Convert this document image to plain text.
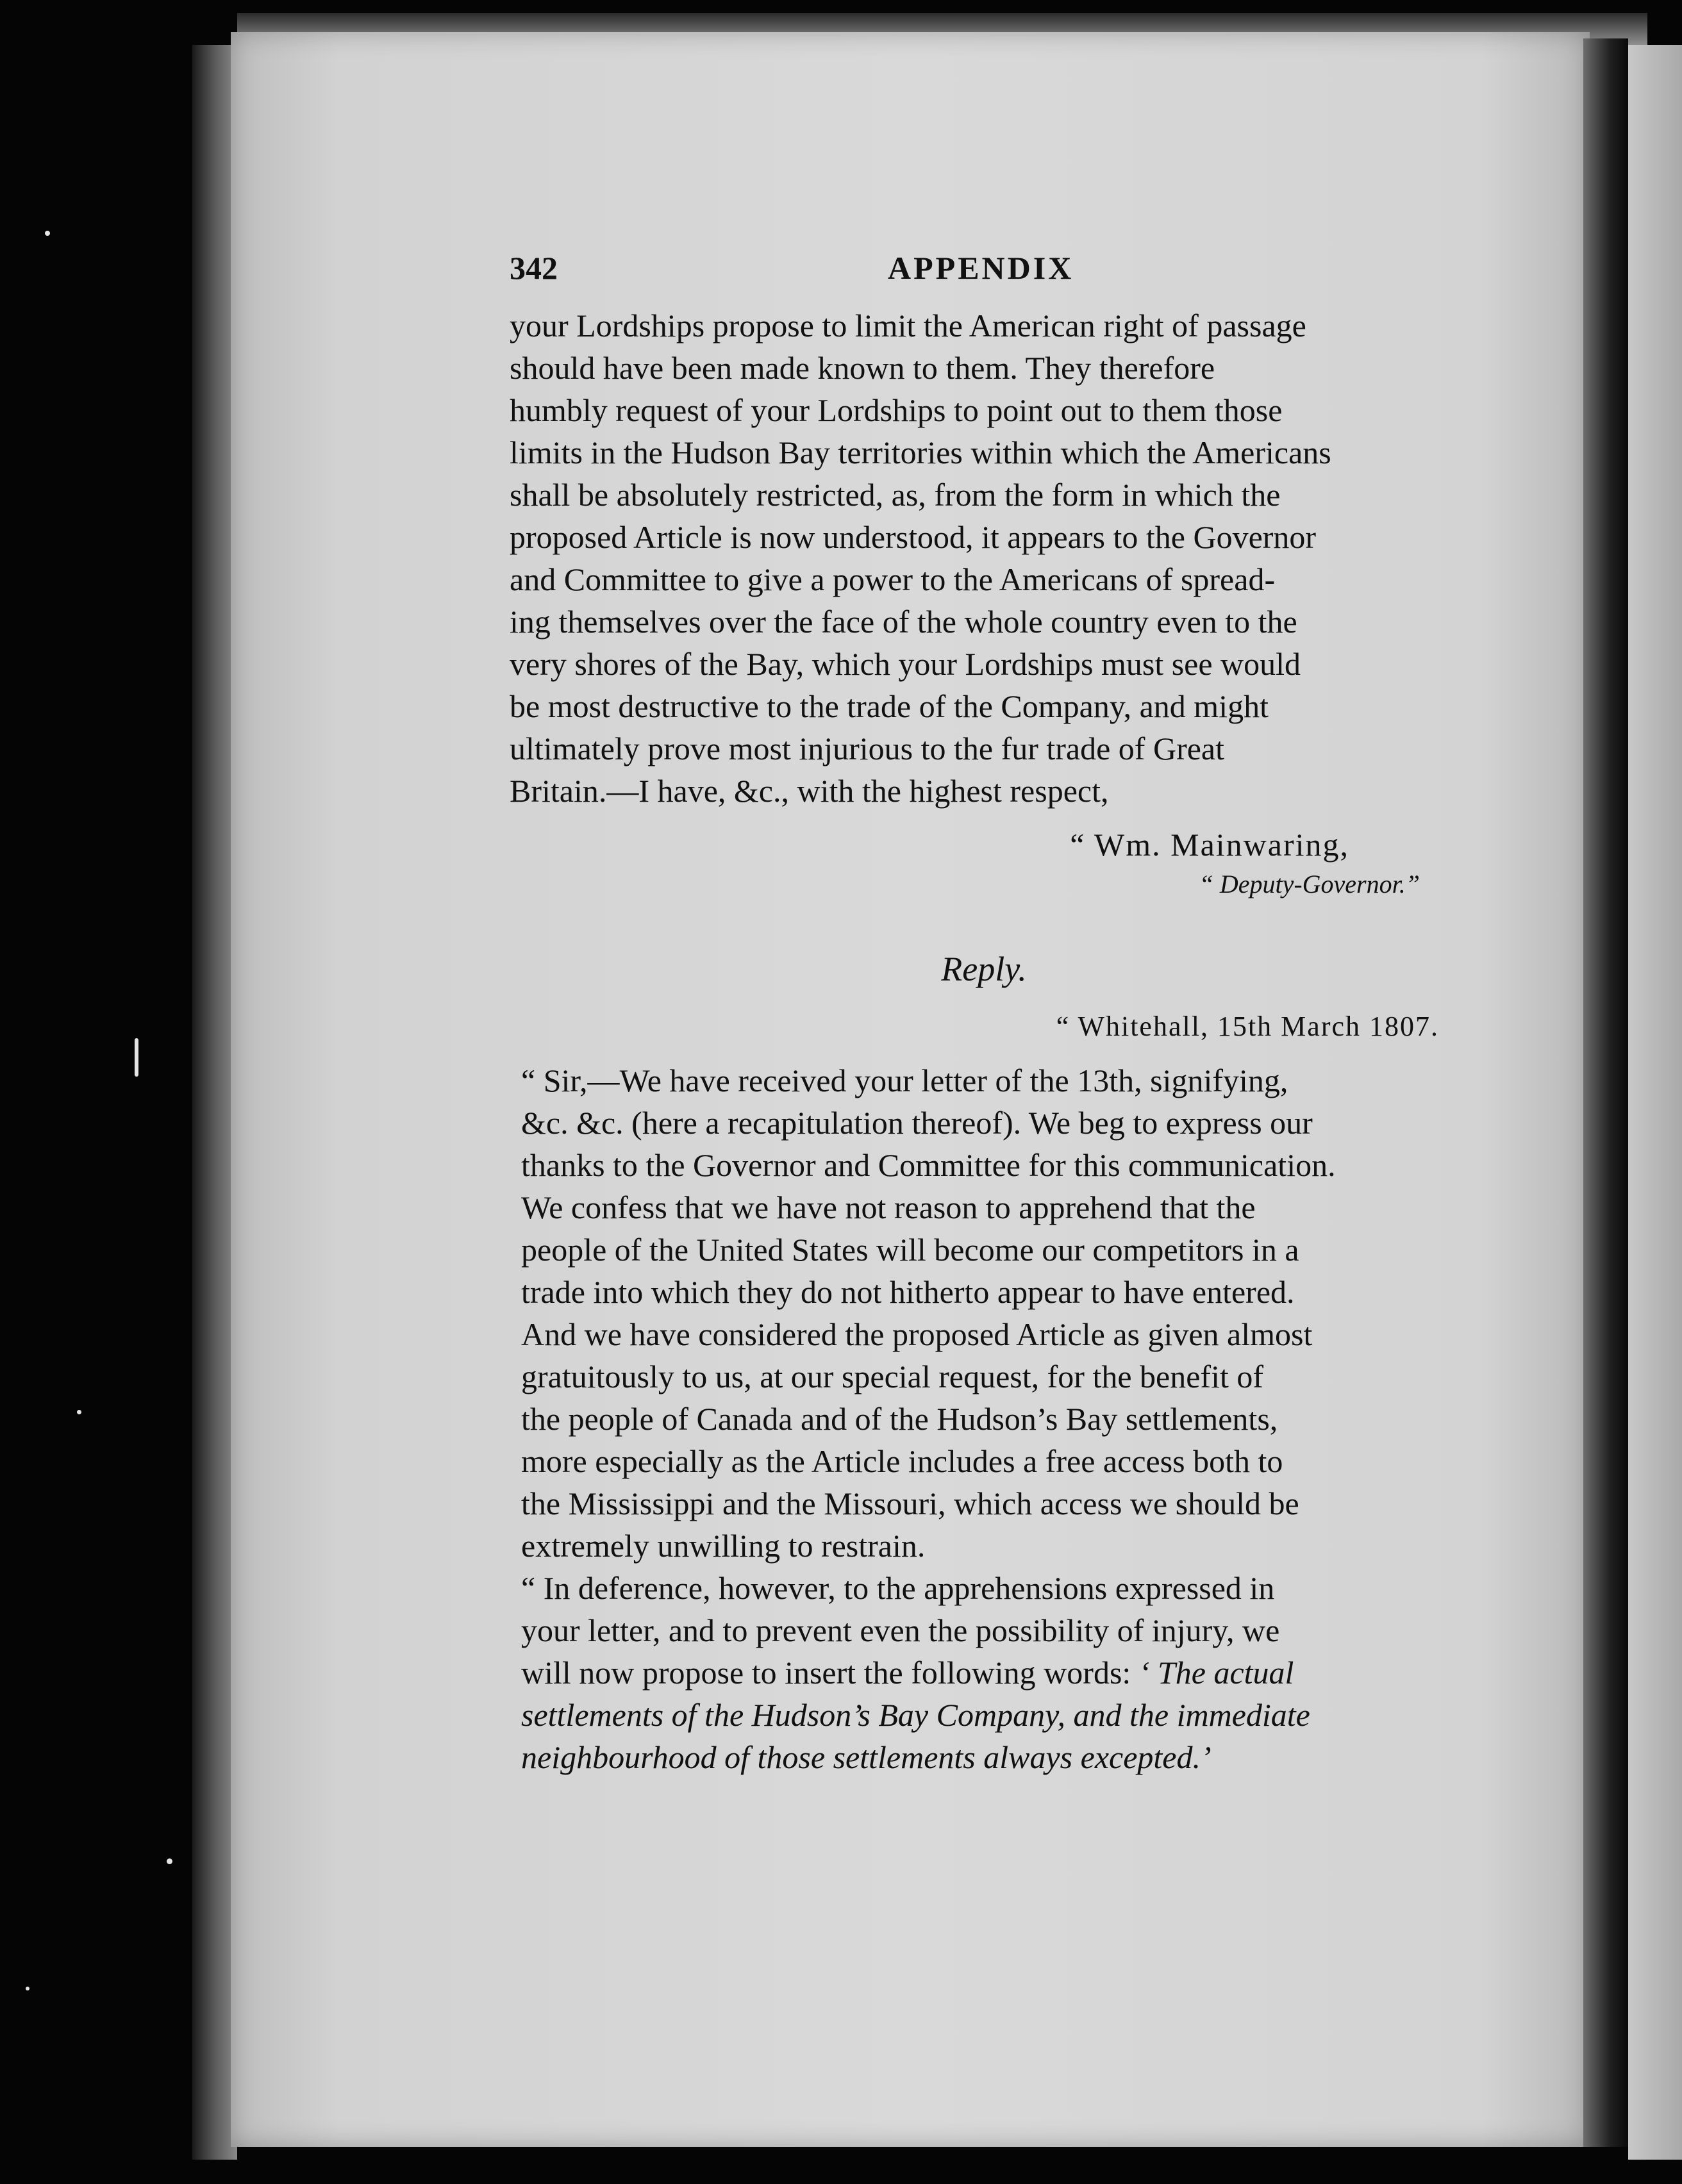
342	APPENDIX

your Lordships propose to limit the American right of passage

should have been made known to them. They therefore

humbly request of your Lordships to point out to them those

limits in the Hudson Bay territories within which the Americans

shall be absolutely restricted, as, from the form in which the

proposed Article is now understood, it appears to the Governor

and Committee to give a power to the Americans of spread-

ing themselves over the face of the whole country even to the

very shores of the Bay, which your Lordships must see would

be most destructive to the trade of the Company, and might

ultimately prove most injurious to the fur trade of Great

Britain.—I have, &c., with the highest respect,

“ Wm. Mainwaring,

“ Deputy-Governor.”

Reply.
“ Whitehall, 15th March 1807.

“ Sir,—We have received your letter of the 13th, signifying,

&c. &c. (here a recapitulation thereof). We beg to express our

thanks to the Governor and Committee for this communication.

We confess that we have not reason to apprehend that the

people of the United States will become our competitors in a

trade into which they do not hitherto appear to have entered.

And we have considered the proposed Article as given almost

gratuitously to us, at our special request, for the benefit of

the people of Canada and of the Hudson’s Bay settlements,

more especially as the Article includes a free access both to

the Mississippi and the Missouri, which access we should be

extremely unwilling to restrain.

“ In deference, however, to the apprehensions expressed in

your letter, and to prevent even the possibility of injury, we

will now propose to insert the following words: ‘ The actual

settlements of the Hudson’s Bay Company, and the immediate

neighbourhood of those settlements always excepted.’
